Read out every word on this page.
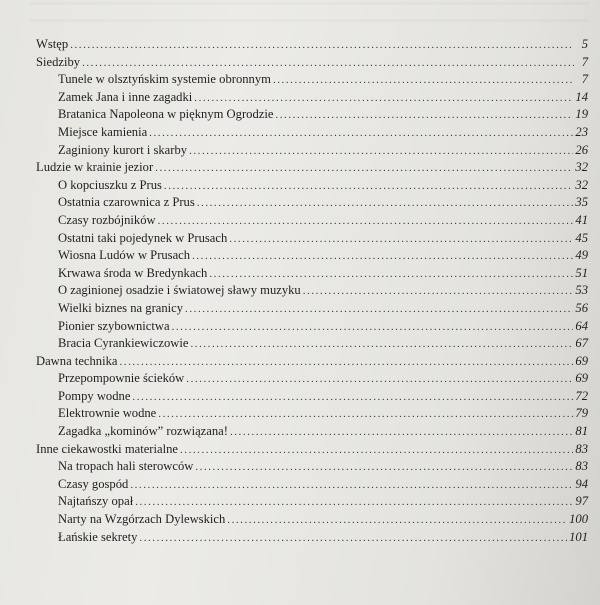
Wstęp . . .	5
Siedziby . . .	7
Tunele w olsztyńskim systemie obronnym . . .	7
Zamek Jana i inne zagadki . . .	14
Bratanica Napoleona w pięknym Ogrodzie . . .	19
Miejsce kamienia . . .	23
Zaginiony kurort i skarby . . .	26
Ludzie w krainie jezior . . .	32
O kopciuszku z Prus . . .	32
Ostatnia czarownica z Prus . . .	35
Czasy rozbójników . . .	41
Ostatni taki pojedynek w Prusach . . .	45
Wiosna Ludów w Prusach . . .	49
Krwawa środa w Bredynkach . . .	51
O zaginionej osadzie i światowej sławy muzyku . . .	53
Wielki biznes na granicy . . .	56
Pionier szybownictwa . . .	64
Bracia Cyrankiewiczowie . . .	67
Dawna technika . . .	69
Przepompownie ścieków . . .	69
Pompy wodne . . .	72
Elektrownie wodne . . .	79
Zagadka „kominów” rozwiązana! . . .	81
Inne ciekawostki materialne . . .	83
Na tropach hali sterowców . . .	83
Czasy gospód . . .	94
Najtańszy opał . . .	97
Narty na Wzgórzach Dylewskich . . .	100
Łańskie sekrety . . .	101
